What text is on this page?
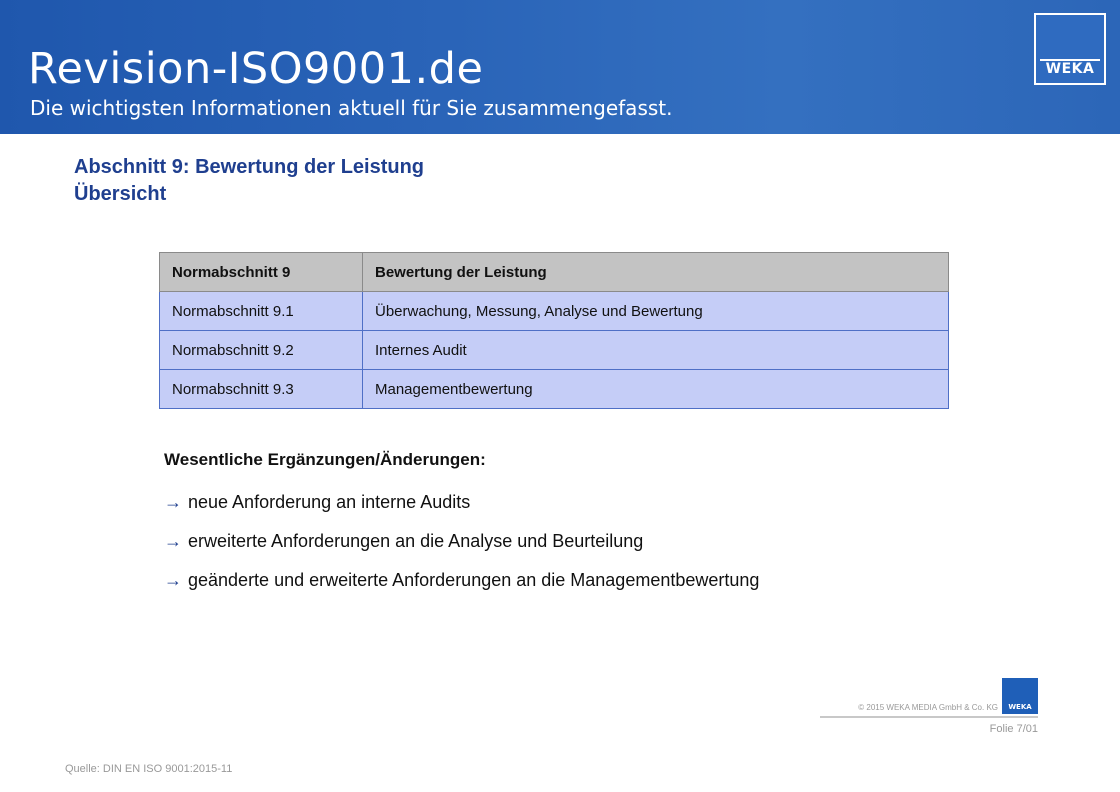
Revision-ISO9001.de
Die wichtigsten Informationen aktuell für Sie zusammengefasst.
WEKA
Abschnitt 9: Bewertung der Leistung
Übersicht
Normabschnitt 9	Bewertung der Leistung
Normabschnitt 9.1	Überwachung, Messung, Analyse und Bewertung
Normabschnitt 9.2	Internes Audit
Normabschnitt 9.3	Managementbewertung
Wesentliche Ergänzungen/Änderungen:
→ neue Anforderung an interne Audits
→ erweiterte Anforderungen an die Analyse und Beurteilung
→ geänderte und erweiterte Anforderungen an die Managementbewertung
WEKA
© 2015 WEKA MEDIA GmbH & Co. KG
Folie 7/01
Quelle: DIN EN ISO 9001:2015-11
